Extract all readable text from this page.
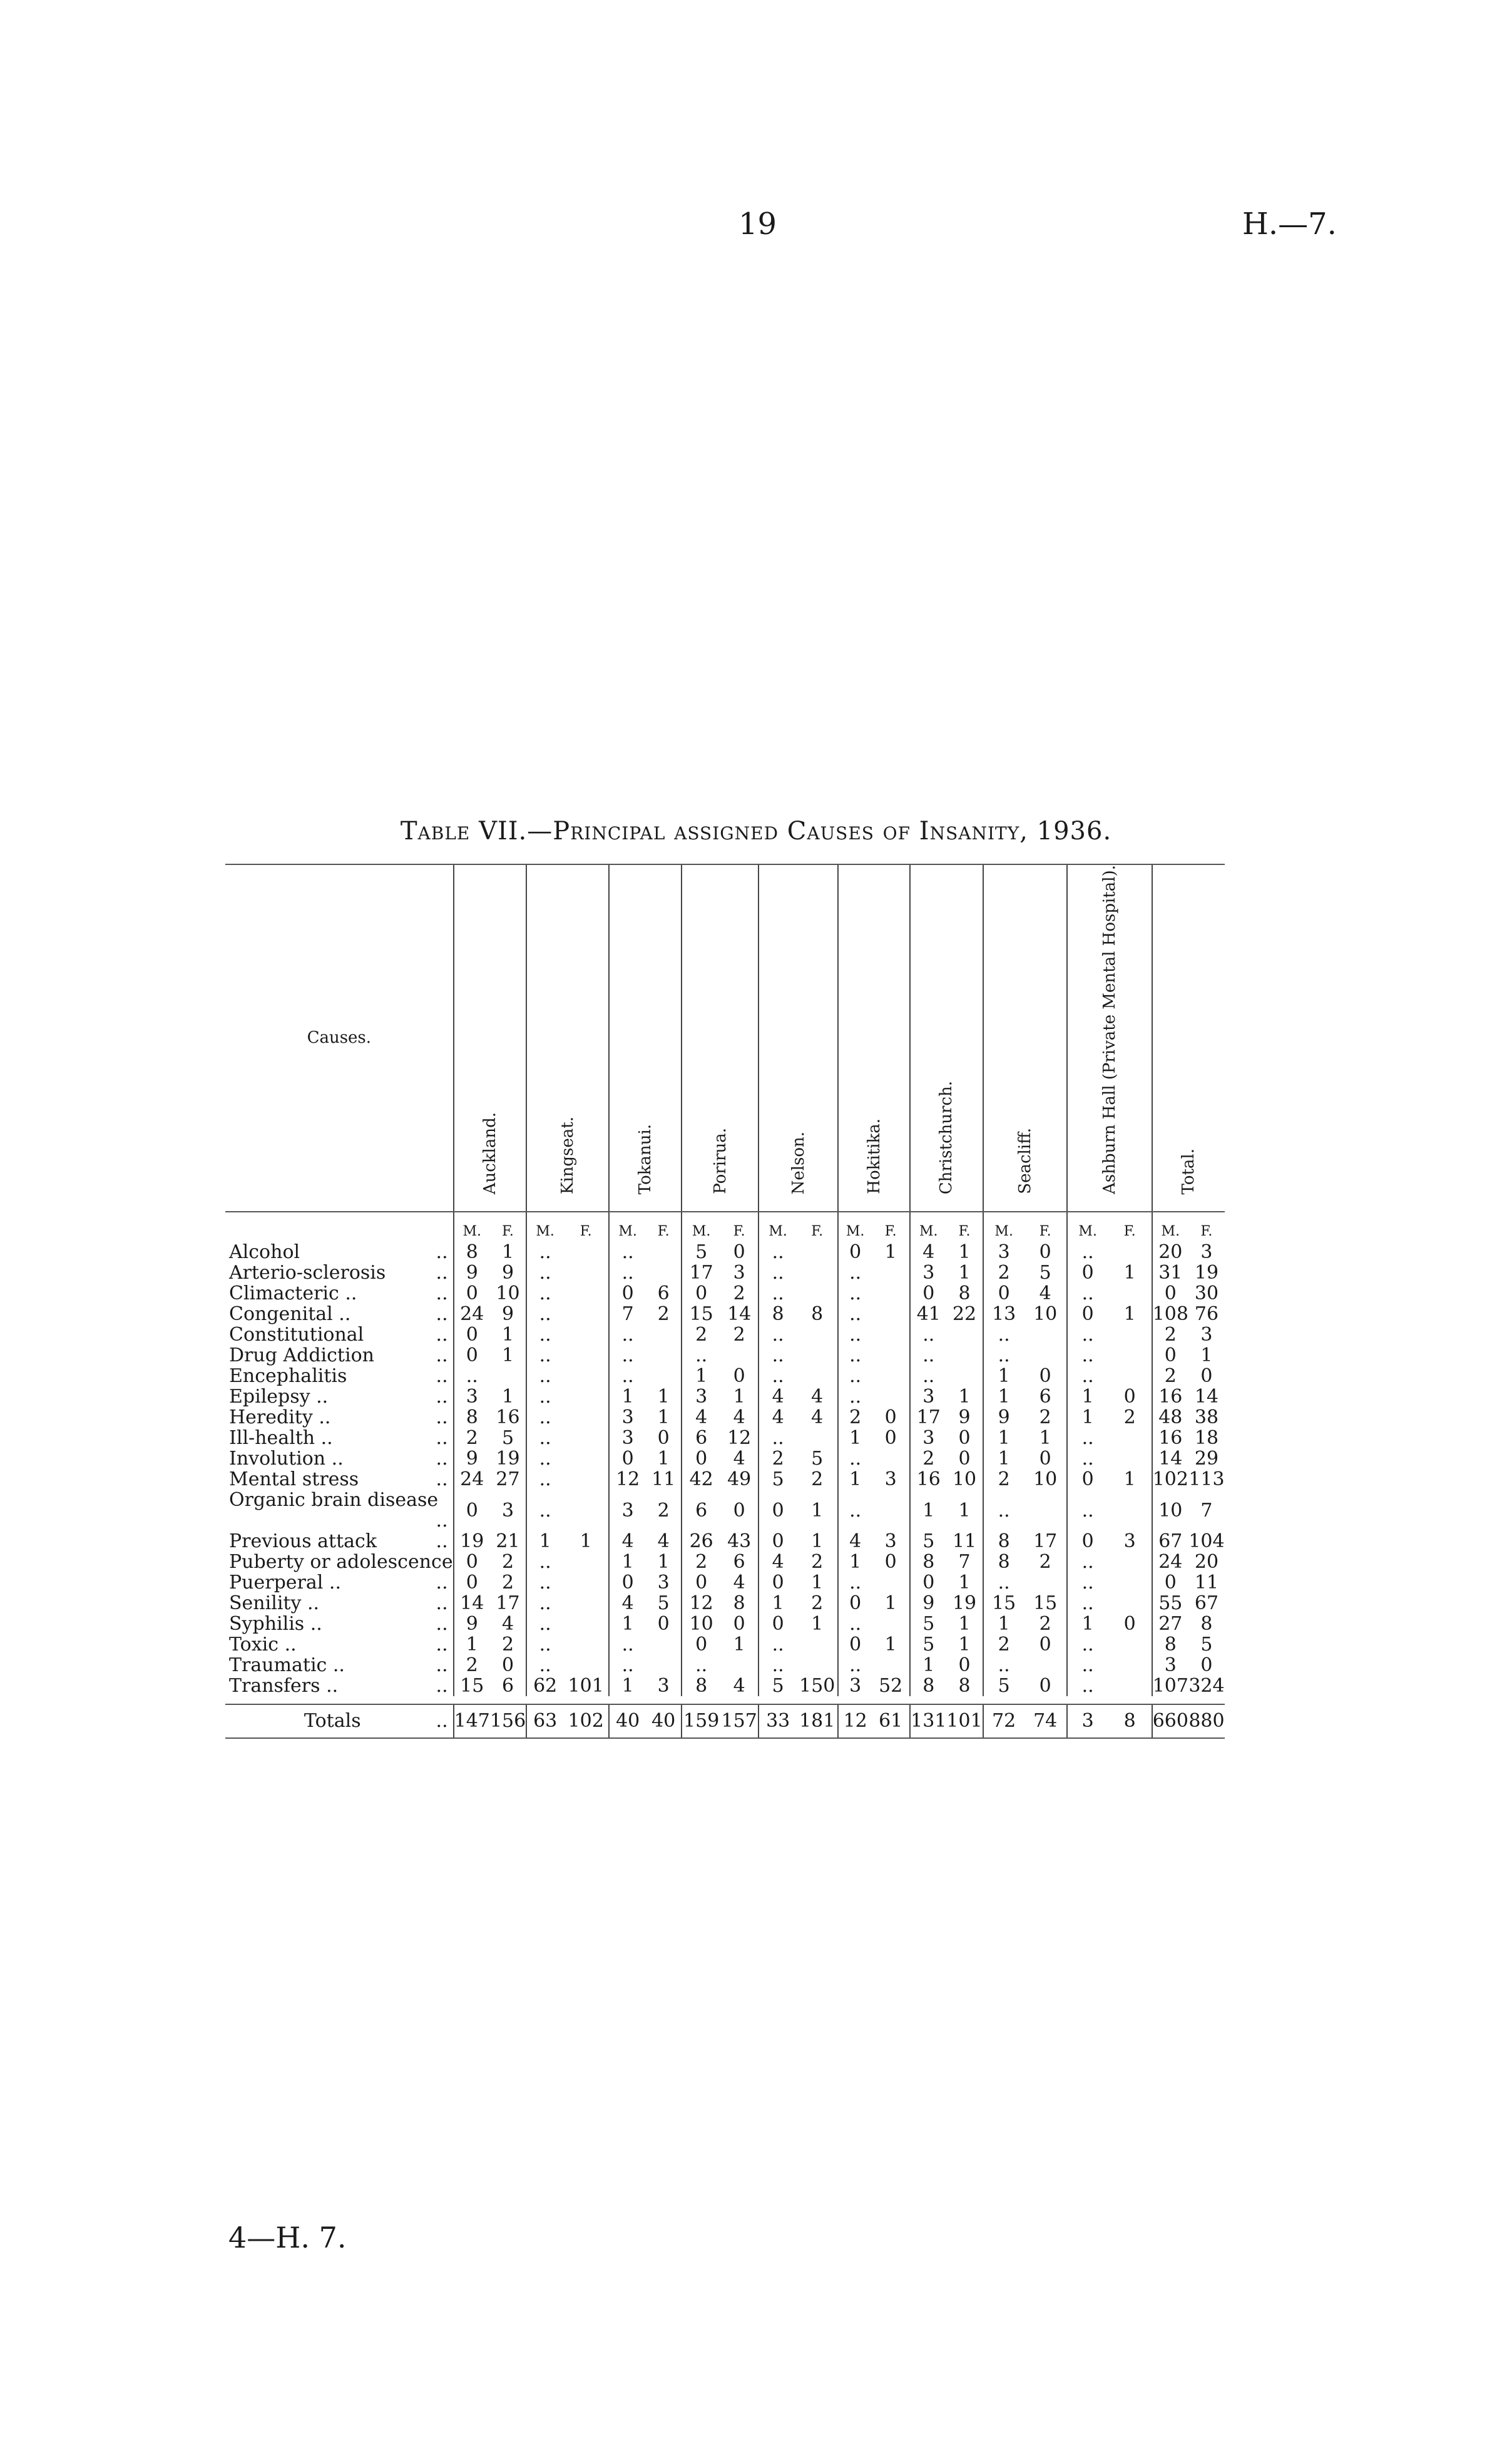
19	H.—7.
Table VII.—Principal assigned Causes of Insanity, 1936.
Causes.	Auckland.		Kingseat.		Tokanui.		Porirua.		Nelson.		Hokitika.		Christchurch.		Seacliff.		Ashburn Hall (Private Mental Hospital).		Total.	
	M.	F.	M.	F.	M.	F.	M.	F.	M.	F.	M.	F.	M.	F.	M.	F.	M.	F.	M.	F.
Alcohol ..	8	1	..		..		5	0	..		0	1	4	1	3	0	..		20	3
Arterio-sclerosis ..	9	9	..		..		17	3	..		..		3	1	2	5	0	1	31	19
Climacteric .. ..	0	10	..		0	6	0	2	..		..		0	8	0	4	..		0	30
Congenital .. ..	24	9	..		7	2	15	14	8	8	..		41	22	13	10	0	1	108	76
Constitutional ..	0	1	..		..		2	2	..		..		..		..		..		2	3
Drug Addiction ..	0	1	..		..		..		..		..		..		..		..		0	1
Encephalitis ..	..		..		..		1	0	..		..		..		1	0	..		2	0
Epilepsy .. ..	3	1	..		1	1	3	1	4	4	..		3	1	1	6	1	0	16	14
Heredity .. ..	8	16	..		3	1	4	4	4	4	2	0	17	9	9	2	1	2	48	38
Ill-health .. ..	2	5	..		3	0	6	12	..		1	0	3	0	1	1	..		16	18
Involution .. ..	9	19	..		0	1	0	4	2	5	..		2	0	1	0	..		14	29
Mental stress ..	24	27	..		12	11	42	49	5	2	1	3	16	10	2	10	0	1	102	113
Organic brain disease
..	0	3	..		3	2	6	0	0	1	..		1	1	..		..		10	7
Previous attack ..	19	21	1	1	4	4	26	43	0	1	4	3	5	11	8	17	0	3	67	104
Puberty or adolescence	0	2	..		1	1	2	6	4	2	1	0	8	7	8	2	..		24	20
Puerperal .. ..	0	2	..		0	3	0	4	0	1	..		0	1	..		..		0	11
Senility .. ..	14	17	..		4	5	12	8	1	2	0	1	9	19	15	15	..		55	67
Syphilis .. ..	9	4	..		1	0	10	0	0	1	..		5	1	1	2	1	0	27	8
Toxic .. ..	1	2	..		..		0	1	..		0	1	5	1	2	0	..		8	5
Traumatic .. ..	2	0	..		..		..		..		..		1	0	..		..		3	0
Transfers .. ..	15	6	62	101	1	3	8	4	5	150	3	52	8	8	5	0	..		107	324

Totals ..	147	156	63	102	40	40	159	157	33	181	12	61	131	101	72	74	3	8	660	880
4—H. 7.
